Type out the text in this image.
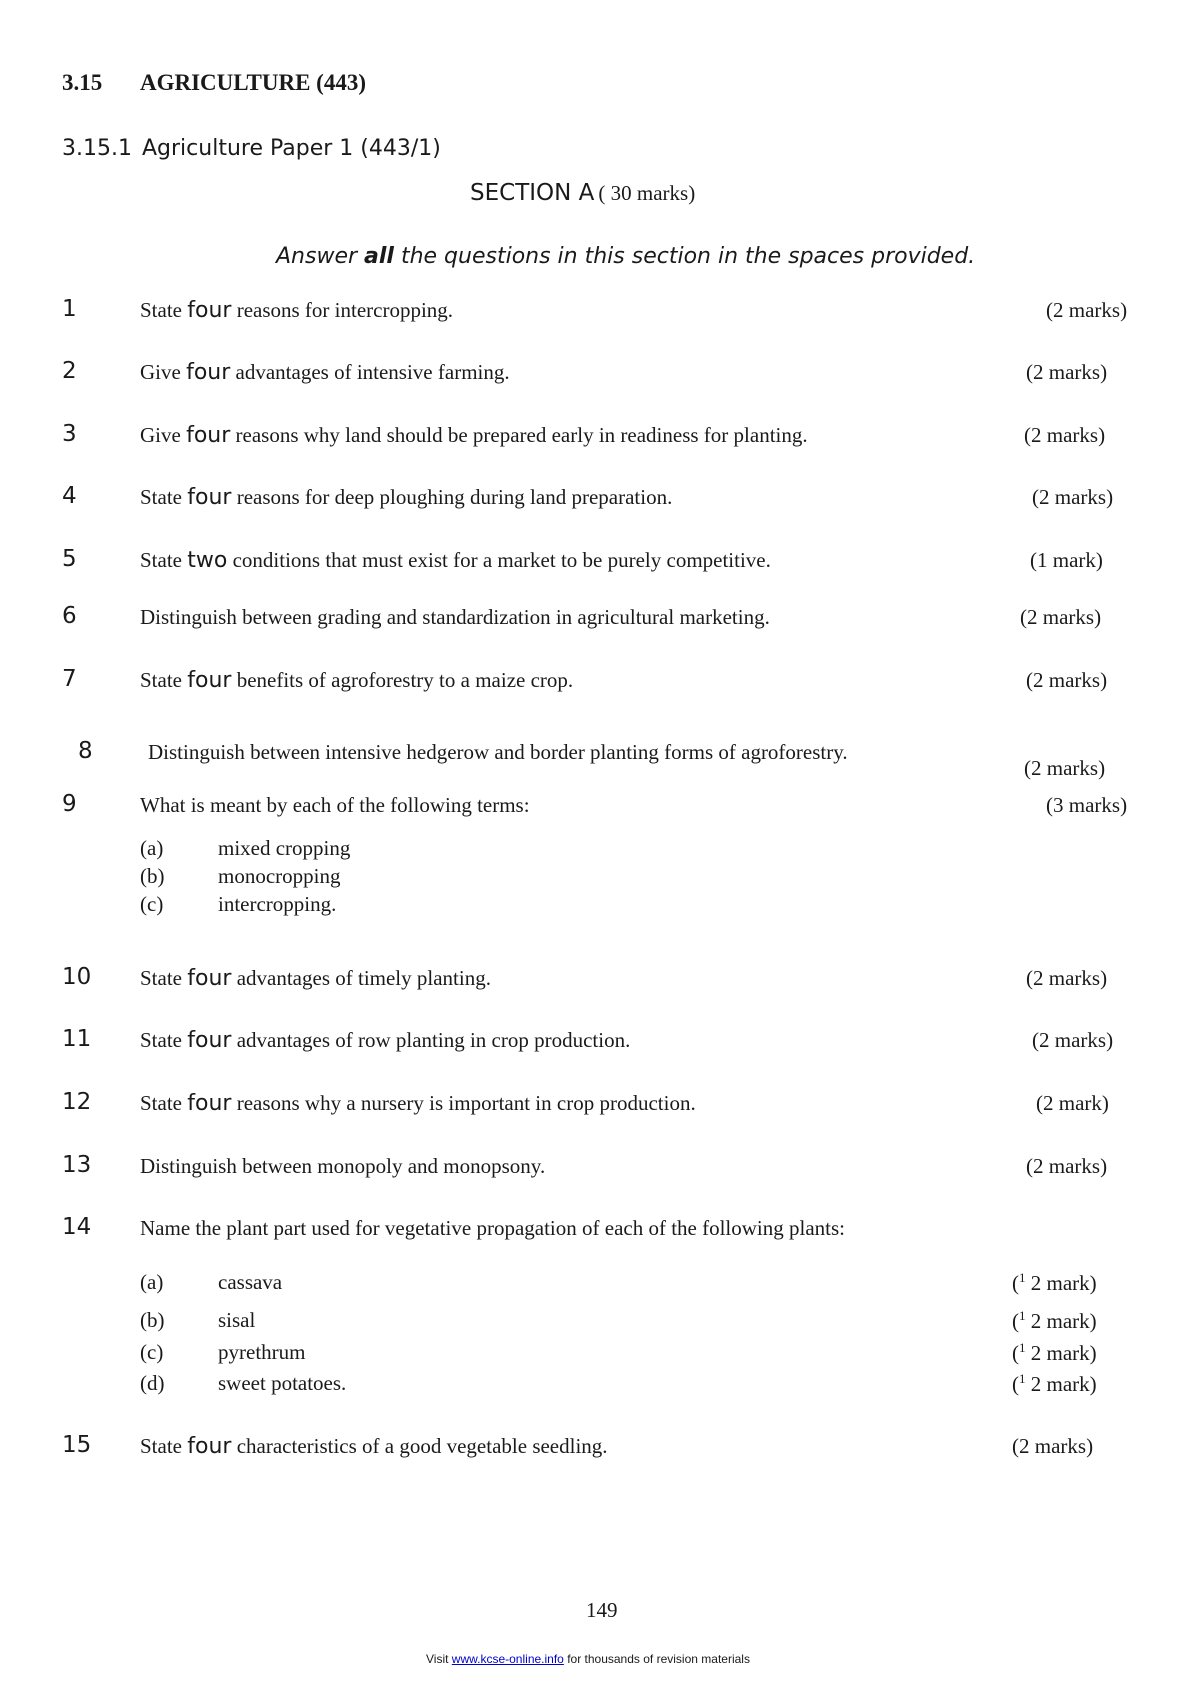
3.15 AGRICULTURE (443)
3.15.1 Agriculture Paper 1 (443/1)
SECTION A ( 30 marks)
Answer all the questions in this section in the spaces provided.
1	State four reasons for intercropping.	(2 marks)
2	Give four advantages of intensive farming.	(2 marks)
3	Give four reasons why land should be prepared early in readiness for planting.	(2 marks)
4	State four reasons for deep ploughing during land preparation.	(2 marks)
5	State two conditions that must exist for a market to be purely competitive.	(1 mark)
6	Distinguish between grading and standardization in agricultural marketing.	(2 marks)
7	State four benefits of agroforestry to a maize crop.	(2 marks)
8	Distinguish between intensive hedgerow and border planting forms of agroforestry.
(2 marks)
9	What is meant by each of the following terms:	(3 marks)
(a)	mixed cropping
(b)	monocropping
(c)	intercropping.
10 State four advantages of timely planting.	(2 marks)
11 State four advantages of row planting in crop production.	(2 marks)
12 State four reasons why a nursery is important in crop production.	(2 mark)
13 Distinguish between monopoly and monopsony.	(2 marks)
14 Name the plant part used for vegetative propagation of each of the following plants:
(a)	cassava	($^1$ 2 mark)
(b)	sisal	($^1$ 2 mark)
(c)	pyrethrum	($^1$ 2 mark)
(d)	sweet potatoes.	($^1$ 2 mark)
15 State four characteristics of a good vegetable seedling.	(2 marks)
149
Visit www.kcse-online.info for thousands of revision materials
